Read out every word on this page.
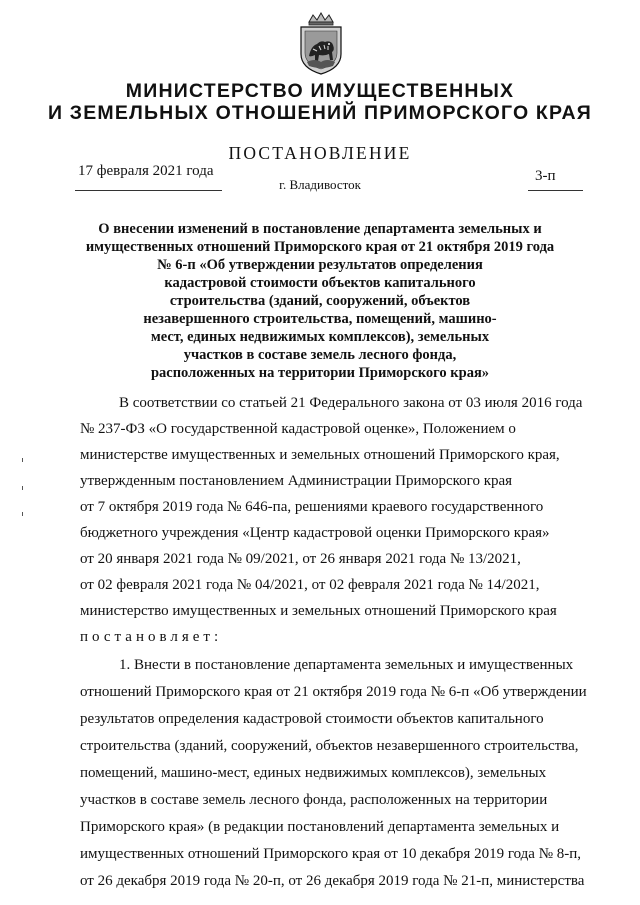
МИНИСТЕРСТВО ИМУЩЕСТВЕННЫХ
И ЗЕМЕЛЬНЫХ ОТНОШЕНИЙ ПРИМОРСКОГО КРАЯ
ПОСТАНОВЛЕНИЕ
17 февраля 2021 года
г. Владивосток
3-п
О внесении изменений в постановление департамента земельных и
имущественных отношений Приморского края от 21 октября 2019 года
№ 6-п «Об утверждении результатов определения
кадастровой стоимости объектов капитального
строительства (зданий, сооружений, объектов
незавершенного строительства, помещений, машино-
мест, единых недвижимых комплексов), земельных
участков в составе земель лесного фонда,
расположенных на территории Приморского края»
В соответствии со статьей 21 Федерального закона от 03 июля 2016 года
№ 237-ФЗ «О государственной кадастровой оценке», Положением о
министерстве имущественных и земельных отношений Приморского края,
утвержденным постановлением Администрации Приморского края
от 7 октября 2019 года № 646-па, решениями краевого государственного
бюджетного учреждения «Центр кадастровой оценки Приморского края»
от 20 января 2021 года № 09/2021, от 26 января 2021 года № 13/2021,
от 02 февраля 2021 года № 04/2021, от 02 февраля 2021 года № 14/2021,
министерство имущественных и земельных отношений Приморского края
постановляет:
1. Внести в постановление департамента земельных и имущественных
отношений Приморского края от 21 октября 2019 года № 6-п «Об утверждении
результатов определения кадастровой стоимости объектов капитального
строительства (зданий, сооружений, объектов незавершенного строительства,
помещений, машино-мест, единых недвижимых комплексов), земельных
участков в составе земель лесного фонда, расположенных на территории
Приморского края» (в редакции постановлений департамента земельных и
имущественных отношений Приморского края от 10 декабря 2019 года № 8-п,
от 26 декабря 2019 года № 20-п, от 26 декабря 2019 года № 21-п, министерства
